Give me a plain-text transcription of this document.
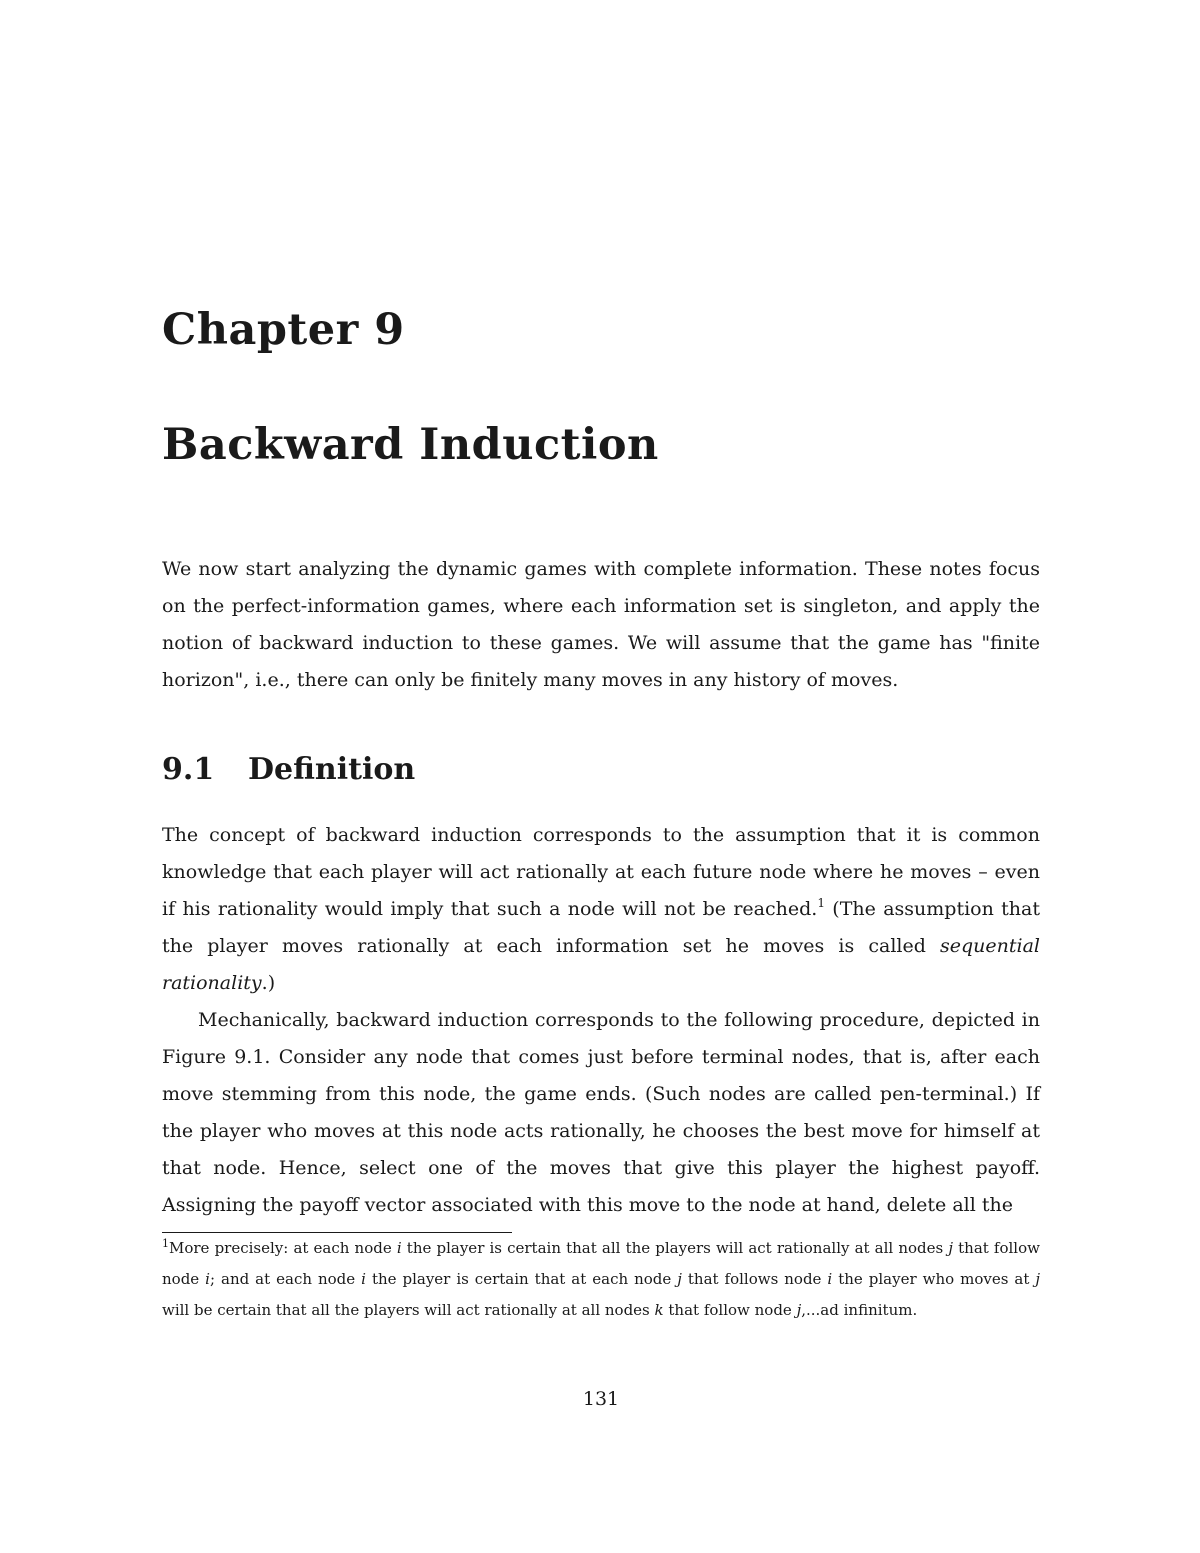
Chapter 9
Backward Induction

We now start analyzing the dynamic games with complete information. These notes focus on the perfect-information games, where each information set is singleton, and apply the notion of backward induction to these games. We will assume that the game has "finite horizon", i.e., there can only be finitely many moves in any history of moves.

9.1 Definition

The concept of backward induction corresponds to the assumption that it is common knowledge that each player will act rationally at each future node where he moves – even if his rationality would imply that such a node will not be reached.$^1$ (The assumption that the player moves rationally at each information set he moves is called sequential rationality.)

Mechanically, backward induction corresponds to the following procedure, depicted in Figure 9.1. Consider any node that comes just before terminal nodes, that is, after each move stemming from this node, the game ends. (Such nodes are called pen-terminal.) If the player who moves at this node acts rationally, he chooses the best move for himself at that node. Hence, select one of the moves that give this player the highest payoff. Assigning the payoff vector associated with this move to the node at hand, delete all the

$^1$More precisely: at each node i the player is certain that all the players will act rationally at all nodes j that follow node i; and at each node i the player is certain that at each node j that follows node i the player who moves at j will be certain that all the players will act rationally at all nodes k that follow node j,...ad infinitum.

131
